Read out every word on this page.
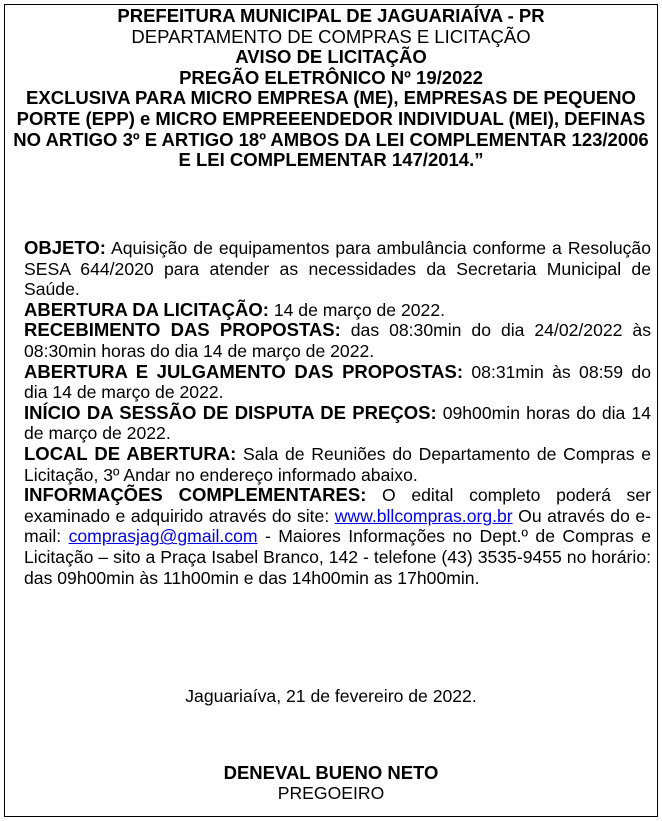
PREFEITURA MUNICIPAL DE JAGUARIAÍVA - PR
DEPARTAMENTO DE COMPRAS E LICITAÇÃO
AVISO DE LICITAÇÃO
PREGÃO ELETRÔNICO Nº 19/2022
EXCLUSIVA PARA MICRO EMPRESA (ME), EMPRESAS DE PEQUENO PORTE (EPP) e MICRO EMPREEENDEDOR INDIVIDUAL (MEI), DEFINAS NO ARTIGO 3º E ARTIGO 18º AMBOS DA LEI COMPLEMENTAR 123/2006 E LEI COMPLEMENTAR 147/2014.”

OBJETO: Aquisição de equipamentos para ambulância conforme a Resolução SESA 644/2020 para atender as necessidades da Secretaria Municipal de Saúde.

ABERTURA DA LICITAÇÃO: 14 de março de 2022.

RECEBIMENTO DAS PROPOSTAS: das 08:30min do dia 24/02/2022 às 08:30min horas do dia 14 de março de 2022.

ABERTURA E JULGAMENTO DAS PROPOSTAS: 08:31min às 08:59 do dia 14 de março de 2022.

INÍCIO DA SESSÃO DE DISPUTA DE PREÇOS: 09h00min horas do dia 14 de março de 2022.

LOCAL DE ABERTURA: Sala de Reuniões do Departamento de Compras e Licitação, 3º Andar no endereço informado abaixo.

INFORMAÇÕES COMPLEMENTARES: O edital completo poderá ser examinado e adquirido através do site: www.bllcompras.org.br Ou através do e-mail: comprasjag@gmail.com - Maiores Informações no Dept.º de Compras e Licitação – sito a Praça Isabel Branco, 142 - telefone (43) 3535-9455 no horário: das 09h00min às 11h00min e das 14h00min as 17h00min.

Jaguariaíva, 21 de fevereiro de 2022.
DENEVAL BUENO NETO
PREGOEIRO
